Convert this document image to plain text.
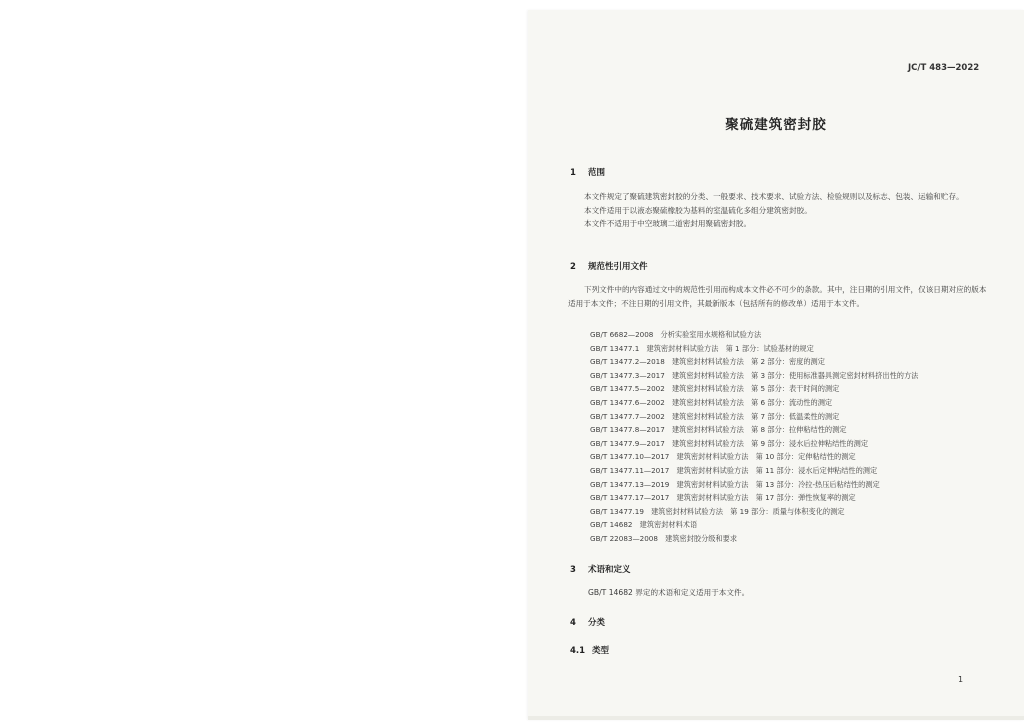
JC/T 483—2022
聚硫建筑密封胶
1 范围

本文件规定了聚硫建筑密封胶的分类、一般要求、技术要求、试验方法、检验规则以及标志、包装、运输和贮存。

本文件适用于以液态聚硫橡胶为基料的室温硫化多组分建筑密封胶。

本文件不适用于中空玻璃二道密封用聚硫密封胶。

2 规范性引用文件

下列文件中的内容通过文中的规范性引用而构成本文件必不可少的条款。其中，注日期的引用文件，仅该日期对应的版本适用于本文件；不注日期的引用文件，其最新版本（包括所有的修改单）适用于本文件。

GB/T 6682—2008　分析实验室用水规格和试验方法
GB/T 13477.1　建筑密封材料试验方法　第 1 部分：试验基材的规定
GB/T 13477.2—2018　建筑密封材料试验方法　第 2 部分：密度的测定
GB/T 13477.3—2017　建筑密封材料试验方法　第 3 部分：使用标准器具测定密封材料挤出性的方法
GB/T 13477.5—2002　建筑密封材料试验方法　第 5 部分：表干时间的测定
GB/T 13477.6—2002　建筑密封材料试验方法　第 6 部分：流动性的测定
GB/T 13477.7—2002　建筑密封材料试验方法　第 7 部分：低温柔性的测定
GB/T 13477.8—2017　建筑密封材料试验方法　第 8 部分：拉伸粘结性的测定
GB/T 13477.9—2017　建筑密封材料试验方法　第 9 部分：浸水后拉伸粘结性的测定
GB/T 13477.10—2017　建筑密封材料试验方法　第 10 部分：定伸粘结性的测定
GB/T 13477.11—2017　建筑密封材料试验方法　第 11 部分：浸水后定伸粘结性的测定
GB/T 13477.13—2019　建筑密封材料试验方法　第 13 部分：冷拉-热压后粘结性的测定
GB/T 13477.17—2017　建筑密封材料试验方法　第 17 部分：弹性恢复率的测定
GB/T 13477.19　建筑密封材料试验方法　第 19 部分：质量与体积变化的测定
GB/T 14682　建筑密封材料术语
GB/T 22083—2008　建筑密封胶分级和要求
3 术语和定义

GB/T 14682 界定的术语和定义适用于本文件。

4 分类
4.1 类型
1
